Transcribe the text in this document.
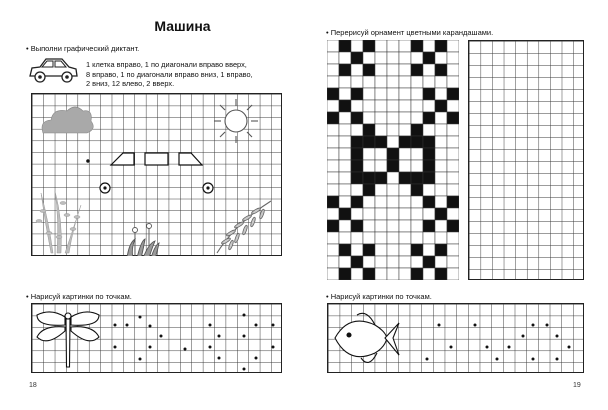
Машина
• Выполни графический диктант.
1 клетка вправо, 1 по диагонали вправо вверх,
8 вправо, 1 по диагонали вправо вниз, 1 вправо,
2 вниз, 12 влево, 2 вверх.
• Нарисуй картинки по точкам.
18
• Перерисуй орнамент цветными карандашами.
• Нарисуй картинки по точкам.
19
